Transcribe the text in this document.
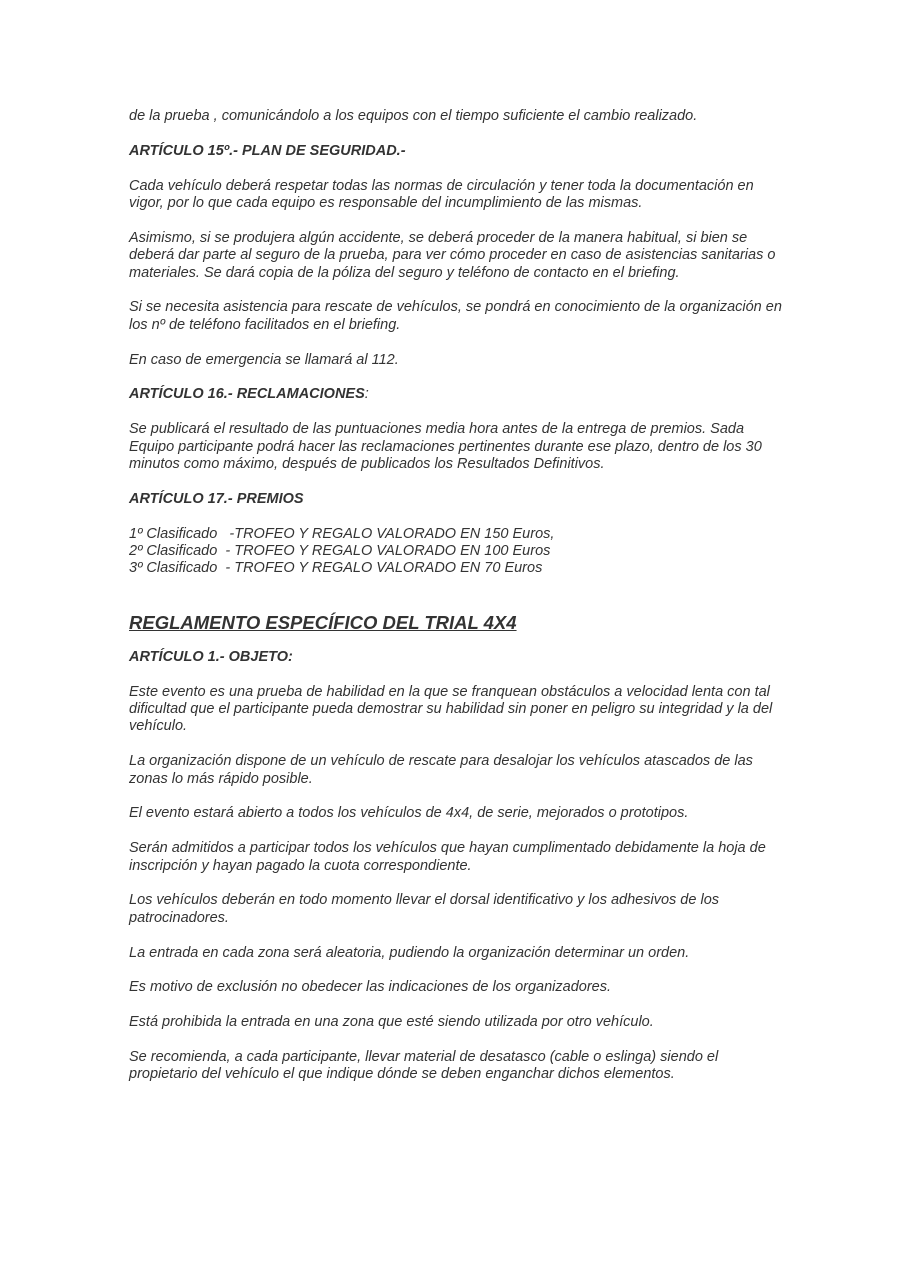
de la prueba , comunicándolo a los equipos con el tiempo suficiente el cambio realizado.

ARTÍCULO 15º.- PLAN DE SEGURIDAD.-

Cada vehículo deberá respetar todas las normas de circulación y tener toda la documentación en vigor, por lo que cada equipo es responsable del incumplimiento de las mismas.

Asimismo, si se produjera algún accidente, se deberá proceder de la manera habitual, si bien se deberá dar parte al seguro de la prueba, para ver cómo proceder en caso de asistencias sanitarias o materiales. Se dará copia de la póliza del seguro y teléfono de contacto en el briefing.

Si se necesita asistencia para rescate de vehículos, se pondrá en conocimiento de la organización en los nº de teléfono facilitados en el briefing.

En caso de emergencia se llamará al 112.

ARTÍCULO 16.- RECLAMACIONES:

Se publicará el resultado de las puntuaciones media hora antes de la entrega de premios. Sada Equipo participante podrá hacer las reclamaciones pertinentes durante ese plazo, dentro de los 30 minutos como máximo, después de publicados los Resultados Definitivos.

ARTÍCULO 17.- PREMIOS

1º Clasificado   -TROFEO Y REGALO VALORADO EN 150 Euros,

2º Clasificado  - TROFEO Y REGALO VALORADO EN 100 Euros

3º Clasificado  - TROFEO Y REGALO VALORADO EN 70 Euros

REGLAMENTO ESPECÍFICO DEL TRIAL 4X4

ARTÍCULO 1.- OBJETO:

Este evento es una prueba de habilidad en la que se franquean obstáculos a velocidad lenta con tal dificultad que el participante pueda demostrar su habilidad sin poner en peligro su integridad y la del vehículo.

La organización dispone de un vehículo de rescate para desalojar los vehículos atascados de las zonas lo más rápido posible.

El evento estará abierto a todos los vehículos de 4x4, de serie, mejorados o prototipos.

Serán admitidos a participar todos los vehículos que hayan cumplimentado debidamente la hoja de inscripción y hayan pagado la cuota correspondiente.

Los vehículos deberán en todo momento llevar el dorsal identificativo y los adhesivos de los patrocinadores.

La entrada en cada zona será aleatoria, pudiendo la organización determinar un orden.

Es motivo de exclusión no obedecer las indicaciones de los organizadores.

Está prohibida la entrada en una zona que esté siendo utilizada por otro vehículo.

Se recomienda, a cada participante, llevar material de desatasco (cable o eslinga) siendo el propietario del vehículo el que indique dónde se deben enganchar dichos elementos.
